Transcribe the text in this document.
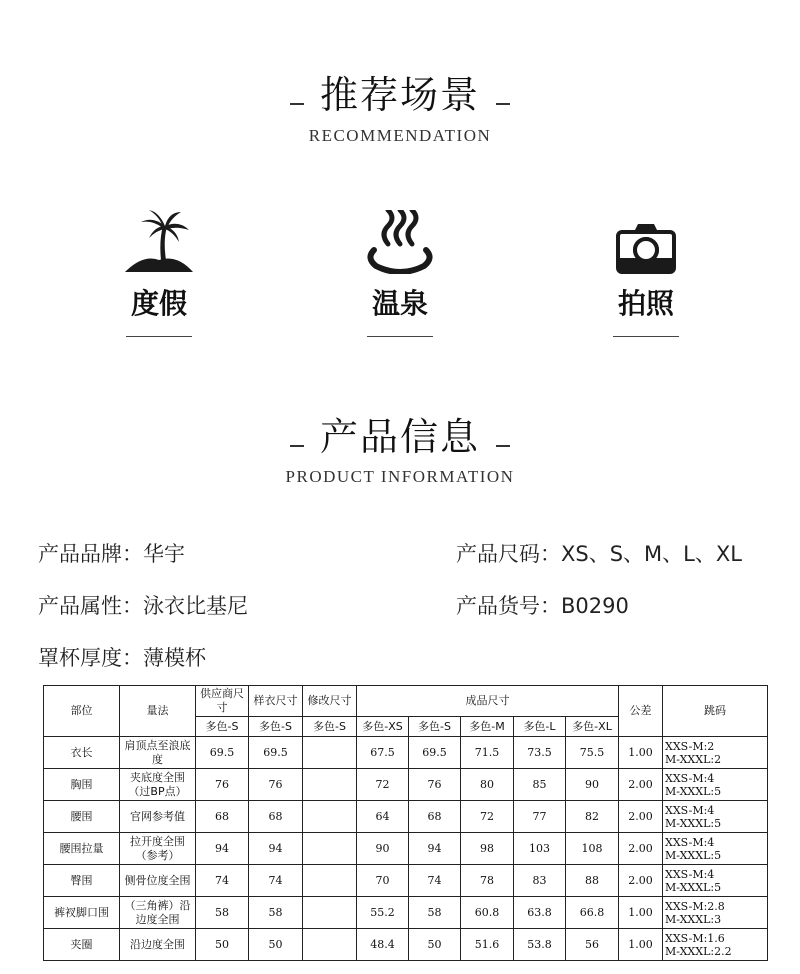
推荐场景
RECOMMENDATION
度假	温泉	拍照
产品信息
PRODUCT INFORMATION
产品品牌：华宇	产品尺码：XS、S、M、L、XL
产品属性：泳衣比基尼	产品货号：B0290
罩杯厚度：薄模杯
部位	量法	供应商尺寸	样衣尺寸	修改尺寸	成品尺寸					公差	跳码
		多色-S	多色-S	多色-S	多色-XS	多色-S	多色-M	多色-L	多色-XL		
衣长	肩顶点至浪底度	69.5	69.5		67.5	69.5	71.5	73.5	75.5	1.00	XXS-M:2
M-XXXL:2

胸围	夹底度全围（过BP点）	76	76		72	76	80	85	90	2.00	XXS-M:4
M-XXXL:5

腰围	官网参考值	68	68		64	68	72	77	82	2.00	XXS-M:4
M-XXXL:5

腰围拉量	拉开度全围（参考）	94	94		90	94	98	103	108	2.00	XXS-M:4
M-XXXL:5

臀围	侧骨位度全围	74	74		70	74	78	83	88	2.00	XXS-M:4
M-XXXL:5

裤衩脚口围	（三角裤）沿边度全围	58	58		55.2	58	60.8	63.8	66.8	1.00	XXS-M:2.8
M-XXXL:3

夹圈	沿边度全围	50	50		48.4	50	51.6	53.8	56	1.00	XXS-M:1.6
M-XXXL:2.2
